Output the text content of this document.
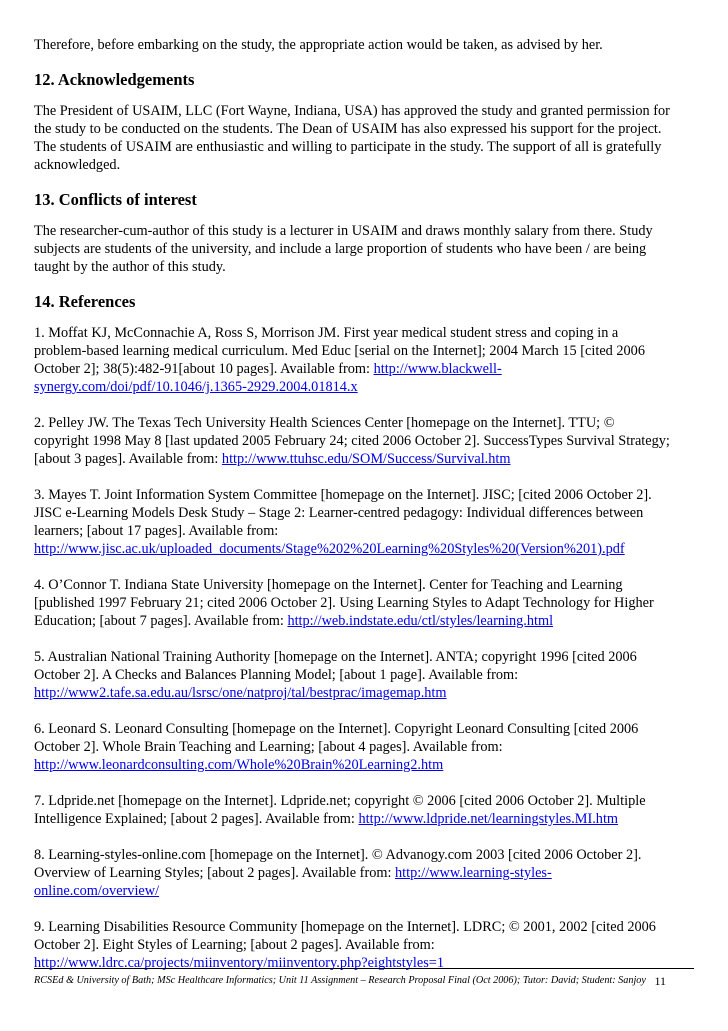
Therefore, before embarking on the study, the appropriate action would be taken, as advised by her.

12. Acknowledgements

The President of USAIM, LLC (Fort Wayne, Indiana, USA) has approved the study and granted permission for
the study to be conducted on the students. The Dean of USAIM has also expressed his support for the project.
The students of USAIM are enthusiastic and willing to participate in the study. The support of all is gratefully
acknowledged.

13. Conflicts of interest

The researcher-cum-author of this study is a lecturer in USAIM and draws monthly salary from there. Study
subjects are students of the university, and include a large proportion of students who have been / are being
taught by the author of this study.

14. References

1. Moffat KJ, McConnachie A, Ross S, Morrison JM. First year medical student stress and coping in a
problem-based learning medical curriculum. Med Educ [serial on the Internet]; 2004 March 15 [cited 2006
October 2]; 38(5):482-91[about 10 pages]. Available from: http://www.blackwell-
synergy.com/doi/pdf/10.1046/j.1365-2929.2004.01814.x

2. Pelley JW. The Texas Tech University Health Sciences Center [homepage on the Internet]. TTU; ©
copyright 1998 May 8 [last updated 2005 February 24; cited 2006 October 2]. SuccessTypes Survival Strategy;
[about 3 pages]. Available from: http://www.ttuhsc.edu/SOM/Success/Survival.htm

3. Mayes T. Joint Information System Committee [homepage on the Internet]. JISC; [cited 2006 October 2].
JISC e-Learning Models Desk Study – Stage 2: Learner-centred pedagogy: Individual differences between
learners; [about 17 pages]. Available from:
http://www.jisc.ac.uk/uploaded_documents/Stage%202%20Learning%20Styles%20(Version%201).pdf

4. O’Connor T. Indiana State University [homepage on the Internet]. Center for Teaching and Learning
[published 1997 February 21; cited 2006 October 2]. Using Learning Styles to Adapt Technology for Higher
Education; [about 7 pages]. Available from: http://web.indstate.edu/ctl/styles/learning.html

5. Australian National Training Authority [homepage on the Internet]. ANTA; copyright 1996 [cited 2006
October 2]. A Checks and Balances Planning Model; [about 1 page]. Available from:
http://www2.tafe.sa.edu.au/lsrsc/one/natproj/tal/bestprac/imagemap.htm

6. Leonard S. Leonard Consulting [homepage on the Internet]. Copyright Leonard Consulting [cited 2006
October 2]. Whole Brain Teaching and Learning; [about 4 pages]. Available from:
http://www.leonardconsulting.com/Whole%20Brain%20Learning2.htm

7. Ldpride.net [homepage on the Internet]. Ldpride.net; copyright © 2006 [cited 2006 October 2]. Multiple
Intelligence Explained; [about 2 pages]. Available from: http://www.ldpride.net/learningstyles.MI.htm

8. Learning-styles-online.com [homepage on the Internet]. © Advanogy.com 2003 [cited 2006 October 2].
Overview of Learning Styles; [about 2 pages]. Available from: http://www.learning-styles-
online.com/overview/

9. Learning Disabilities Resource Community [homepage on the Internet]. LDRC; © 2001, 2002 [cited 2006
October 2]. Eight Styles of Learning; [about 2 pages]. Available from:
http://www.ldrc.ca/projects/miinventory/miinventory.php?eightstyles=1

RCSEd & University of Bath; MSc Healthcare Informatics; Unit 11 Assignment – Research Proposal Final (Oct 2006); Tutor: David; Student: Sanjoy 11
